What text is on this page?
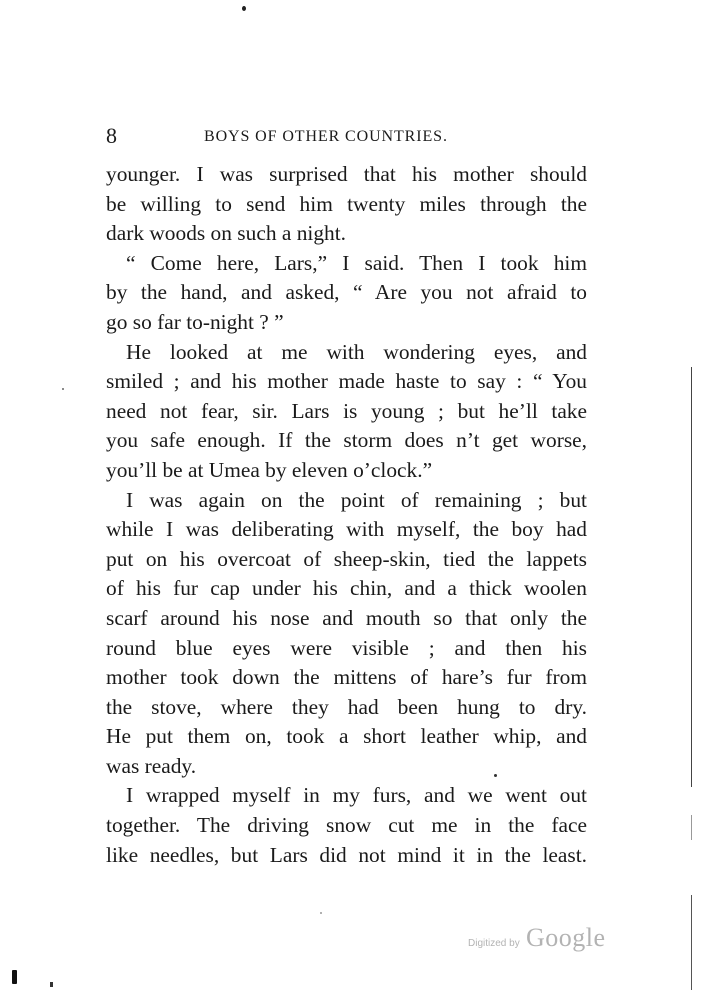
8	BOYS OF OTHER COUNTRIES.
younger. I was surprised that his mother should
be willing to send him twenty miles through the
dark woods on such a night.
“ Come here, Lars,” I said. Then I took him
by the hand, and asked, “ Are you not afraid to
go so far to-night ? ”
He looked at me with wondering eyes, and
smiled ; and his mother made haste to say : “ You
need not fear, sir. Lars is young ; but he’ll take
you safe enough. If the storm does n’t get worse,
you’ll be at Umea by eleven o’clock.”
I was again on the point of remaining ; but
while I was deliberating with myself, the boy had
put on his overcoat of sheep-skin, tied the lappets
of his fur cap under his chin, and a thick woolen
scarf around his nose and mouth so that only the
round blue eyes were visible ; and then his
mother took down the mittens of hare’s fur from
the stove, where they had been hung to dry.
He put them on, took a short leather whip, and
was ready.
I wrapped myself in my furs, and we went out
together. The driving snow cut me in the face
like needles, but Lars did not mind it in the least.
Digitized by Google
